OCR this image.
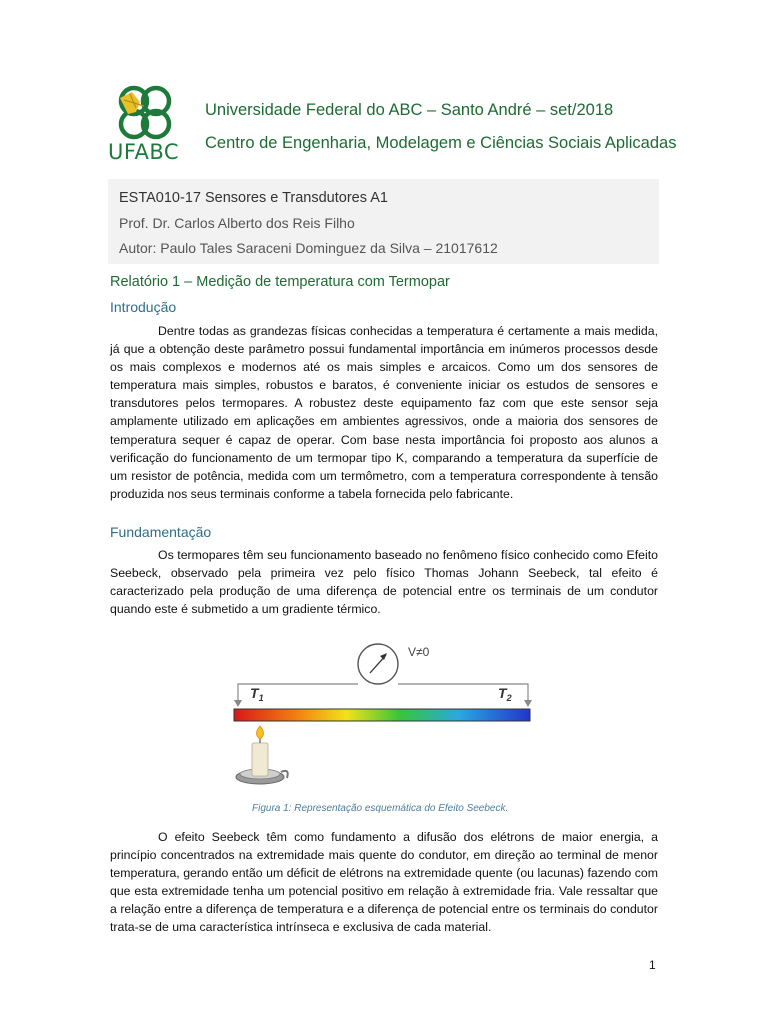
UFABC
Universidade Federal do ABC – Santo André – set/2018
Centro de Engenharia, Modelagem e Ciências Sociais Aplicadas
ESTA010-17 Sensores e Transdutores A1
Prof. Dr. Carlos Alberto dos Reis Filho
Autor: Paulo Tales Saraceni Dominguez da Silva – 21017612
Relatório 1 – Medição de temperatura com Termopar
Introdução
Dentre todas as grandezas físicas conhecidas a temperatura é certamente a mais medida, já que a obtenção deste parâmetro possui fundamental importância em inúmeros processos desde os mais complexos e modernos até os mais simples e arcaicos. Como um dos sensores de temperatura mais simples, robustos e baratos, é conveniente iniciar os estudos de sensores e transdutores pelos termopares. A robustez deste equipamento faz com que este sensor seja amplamente utilizado em aplicações em ambientes agressivos, onde a maioria dos sensores de temperatura sequer é capaz de operar. Com base nesta importância foi proposto aos alunos a verificação do funcionamento de um termopar tipo K, comparando a temperatura da superfície de um resistor de potência, medida com um termômetro, com a temperatura correspondente à tensão produzida nos seus terminais conforme a tabela fornecida pelo fabricante.
Fundamentação
Os termopares têm seu funcionamento baseado no fenômeno físico conhecido como Efeito Seebeck, observado pela primeira vez pelo físico Thomas Johann Seebeck, tal efeito é caracterizado pela produção de uma diferença de potencial entre os terminais de um condutor quando este é submetido a um gradiente térmico.
V≠0
$T_1$	$T_2$
Figura 1: Representação esquemática do Efeito Seebeck.
O efeito Seebeck têm como fundamento a difusão dos elétrons de maior energia, a princípio concentrados na extremidade mais quente do condutor, em direção ao terminal de menor temperatura, gerando então um déficit de elétrons na extremidade quente (ou lacunas) fazendo com que esta extremidade tenha um potencial positivo em relação à extremidade fria. Vale ressaltar que a relação entre a diferença de temperatura e a diferença de potencial entre os terminais do condutor trata-se de uma característica intrínseca e exclusiva de cada material.
1
